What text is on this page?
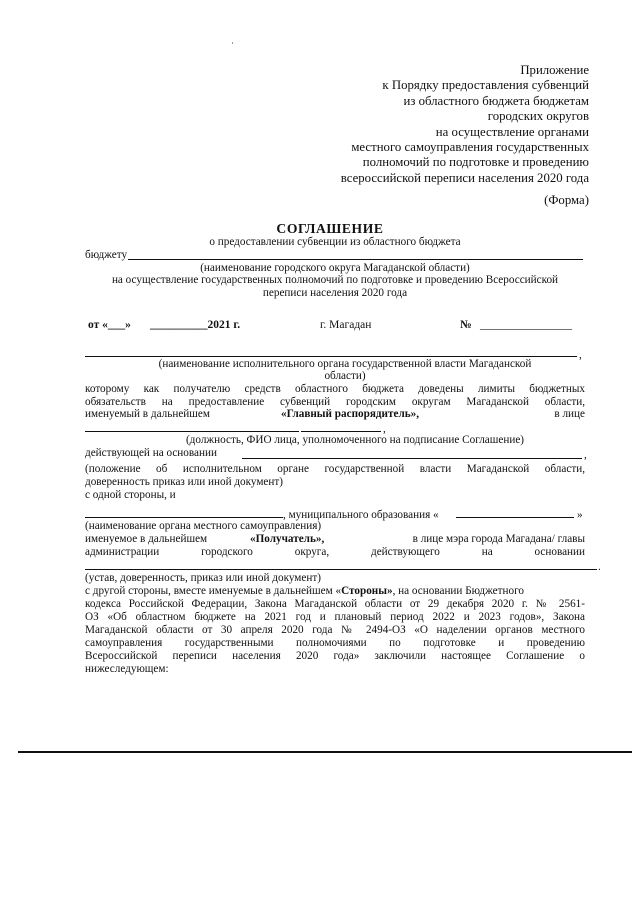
Приложение
к Порядку предоставления субвенций
из областного бюджета бюджетам
городских округов
на осуществление органами
местного самоуправления государственных
полномочий по подготовке и проведению
всероссийской переписи населения 2020 года
(Форма)
СОГЛАШЕНИЕ
о предоставлении субвенции из областного бюджета
бюджету
(наименование городского округа Магаданской области)
на осуществление государственных полномочий по подготовке и проведению Всероссийской
переписи населения 2020 года
от «___» __________2021 г.	г. Магадан	№ ________________
,
(наименование исполнительного органа государственной власти Магаданской
области)
которому как получателю средств областного бюджета доведены лимиты бюджетных
обязательств на предоставление субвенций городским округам Магаданской области,
именуемый в дальнейшем	«Главный распорядитель»,	в лице
,
(должность, ФИО лица, уполномоченного на подписание Соглашение)
действующей на основании	,
(положение об исполнительном органе государственной власти Магаданской области,
доверенность приказ или иной документ)
с одной стороны, и
, муниципального образования «	»
(наименование органа местного самоуправления)
именуемое в дальнейшем	«Получатель»,	в лице мэра города Магадана/ главы
администрации городского округа, действующего на основании
.
(устав, доверенность, приказ или иной документ)
с другой стороны, вместе именуемые в дальнейшем «Стороны», на основании Бюджетного
кодекса Российской Федерации, Закона Магаданской области от 29 декабря 2020 г. № 2561-
ОЗ «Об областном бюджете на 2021 год и плановый период 2022 и 2023 годов», Закона
Магаданской области от 30 апреля 2020 года № 2494-ОЗ «О наделении органов местного
самоуправления государственными полномочиями по подготовке и проведению
Всероссийской переписи населения 2020 года» заключили настоящее Соглашение о
нижеследующем:
